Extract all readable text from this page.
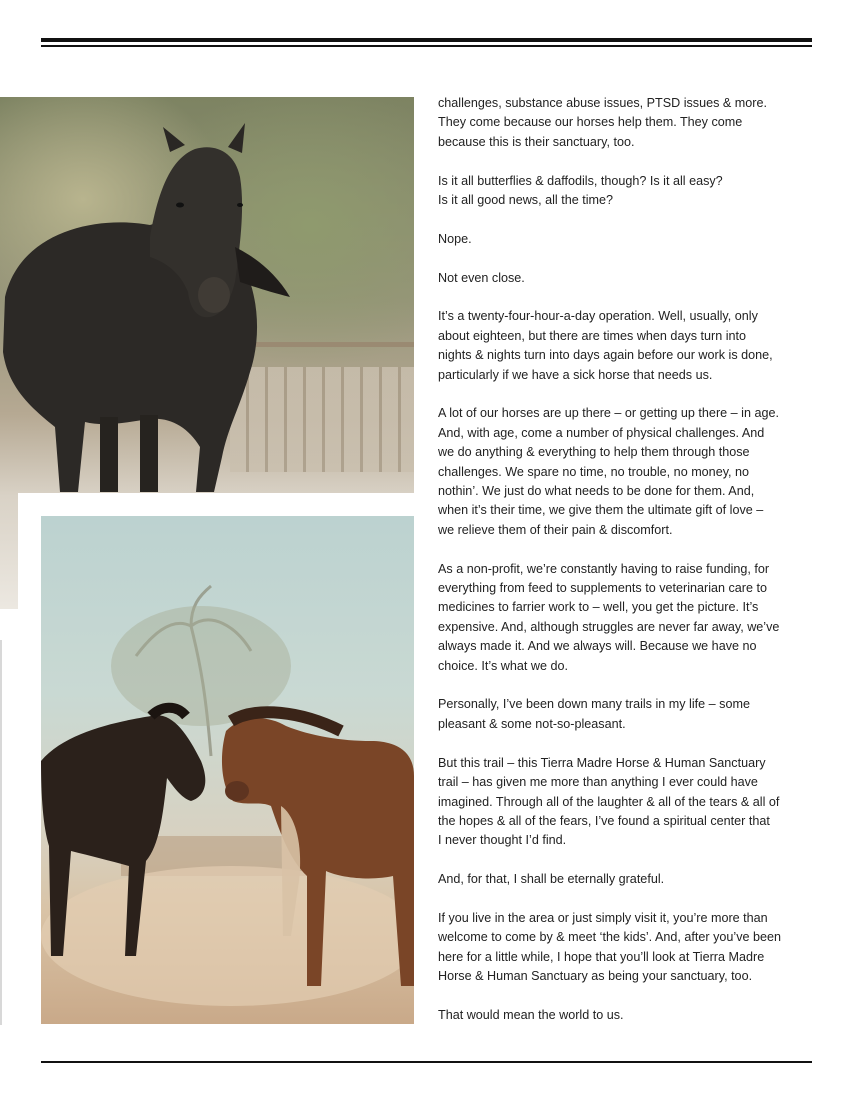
challenges, substance abuse issues, PTSD issues & more.
They come because our horses help them. They come
because this is their sanctuary, too.

Is it all butterflies & daffodils, though? Is it all easy?
Is it all good news, all the time?

Nope.

Not even close.

It’s a twenty-four-hour-a-day operation. Well, usually, only
about eighteen, but there are times when days turn into
nights & nights turn into days again before our work is done,
particularly if we have a sick horse that needs us.

A lot of our horses are up there – or getting up there – in age.
And, with age, come a number of physical challenges. And
we do anything & everything to help them through those
challenges. We spare no time, no trouble, no money, no
nothin’. We just do what needs to be done for them. And,
when it’s their time, we give them the ultimate gift of love –
we relieve them of their pain & discomfort.

As a non-profit, we’re constantly having to raise funding, for
everything from feed to supplements to veterinarian care to
medicines to farrier work to – well, you get the picture. It’s
expensive. And, although struggles are never far away, we’ve
always made it. And we always will. Because we have no
choice. It’s what we do.

Personally, I’ve been down many trails in my life – some
pleasant & some not-so-pleasant.

But this trail – this Tierra Madre Horse & Human Sanctuary
trail – has given me more than anything I ever could have
imagined. Through all of the laughter & all of the tears & all of
the hopes & all of the fears, I’ve found a spiritual center that
I never thought I’d find.

And, for that, I shall be eternally grateful.

If you live in the area or just simply visit it, you’re more than
welcome to come by & meet ‘the kids’. And, after you’ve been
here for a little while, I hope that you’ll look at Tierra Madre
Horse & Human Sanctuary as being your sanctuary, too.

That would mean the world to us.
